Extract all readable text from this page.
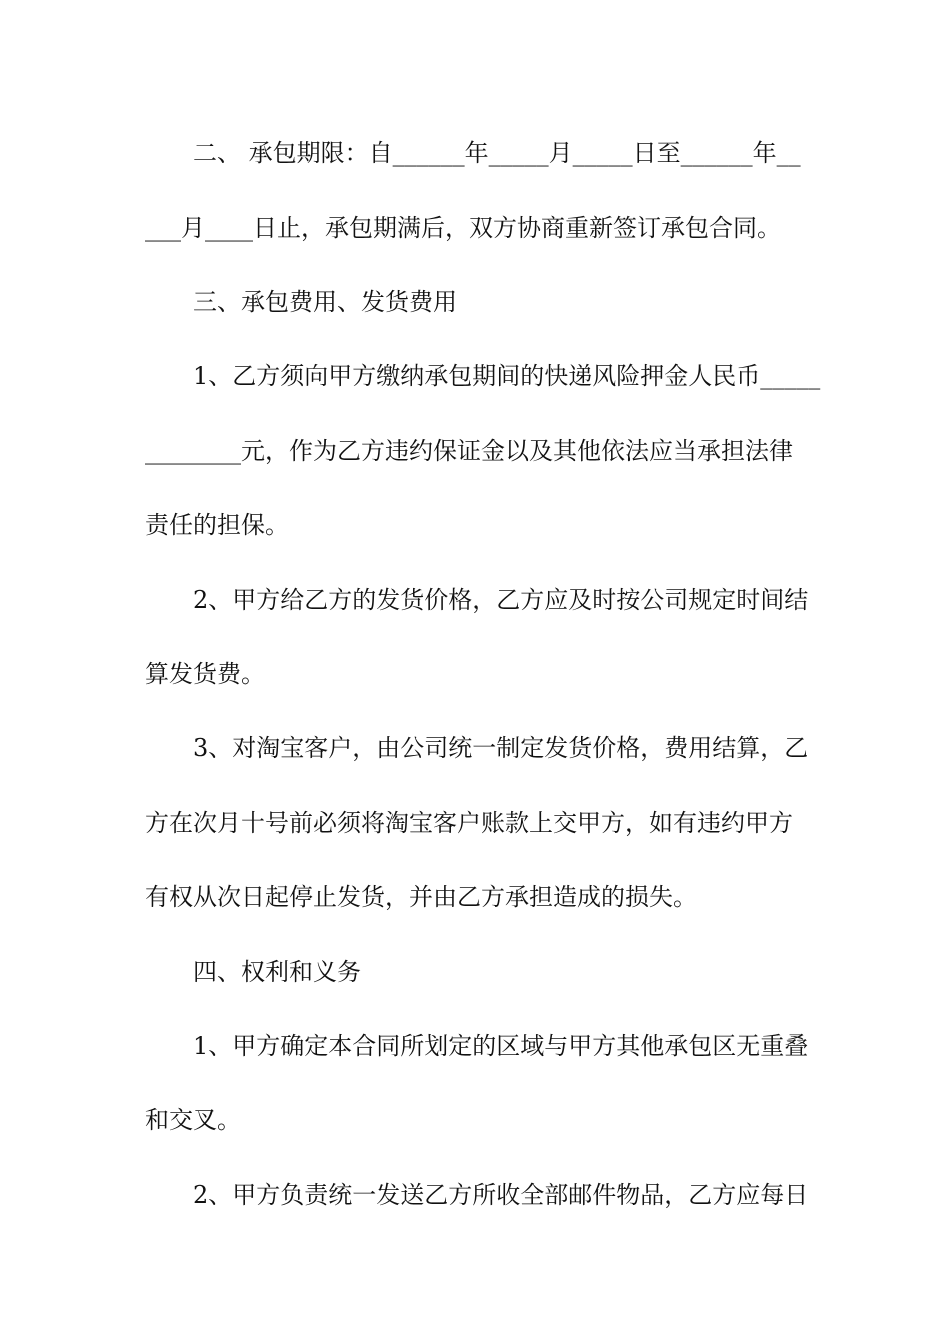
二、 承包期限：自______年_____月_____日至______年__
___月____日止，承包期满后，双方协商重新签订承包合同。
三、承包费用、发货费用
1、乙方须向甲方缴纳承包期间的快递风险押金人民币_____
________元，作为乙方违约保证金以及其他依法应当承担法律
责任的担保。
2、甲方给乙方的发货价格，乙方应及时按公司规定时间结
算发货费。
3、对淘宝客户，由公司统一制定发货价格，费用结算，乙
方在次月十号前必须将淘宝客户账款上交甲方，如有违约甲方
有权从次日起停止发货，并由乙方承担造成的损失。
四、权利和义务
1、甲方确定本合同所划定的区域与甲方其他承包区无重叠
和交叉。
2、甲方负责统一发送乙方所收全部邮件物品，乙方应每日
